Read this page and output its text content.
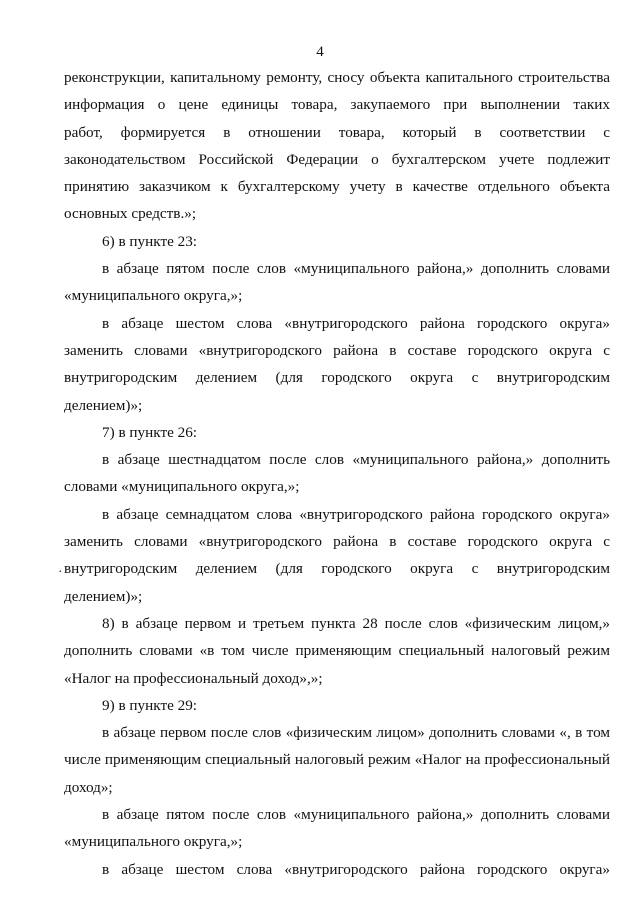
4
·
реконструкции, капитальному ремонту, сносу объекта капитального строительства
информация о цене единицы товара, закупаемого при выполнении таких
работ, формируется в отношении товара, который в соответствии с
законодательством Российской Федерации о бухгалтерском учете подлежит
принятию заказчиком к бухгалтерскому учету в качестве отдельного объекта
основных средств.»;
6) в пункте 23:
в абзаце пятом после слов «муниципального района,» дополнить словами
«муниципального округа,»;
в абзаце шестом слова «внутригородского района городского округа»
заменить словами «внутригородского района в составе городского округа с
внутригородским делением (для городского округа с внутригородским
делением)»;
7) в пункте 26:
в абзаце шестнадцатом после слов «муниципального района,» дополнить
словами «муниципального округа,»;
в абзаце семнадцатом слова «внутригородского района городского округа»
заменить словами «внутригородского района в составе городского округа с
внутригородским делением (для городского округа с внутригородским
делением)»;
8) в абзаце первом и третьем пункта 28 после слов «физическим лицом,»
дополнить словами «в том числе применяющим специальный налоговый режим
«Налог на профессиональный доход»,»;
9) в пункте 29:
в абзаце первом после слов «физическим лицом» дополнить словами «, в том
числе применяющим специальный налоговый режим «Налог на профессиональный
доход»;
в абзаце пятом после слов «муниципального района,» дополнить словами
«муниципального округа,»;
в абзаце шестом слова «внутригородского района городского округа»
